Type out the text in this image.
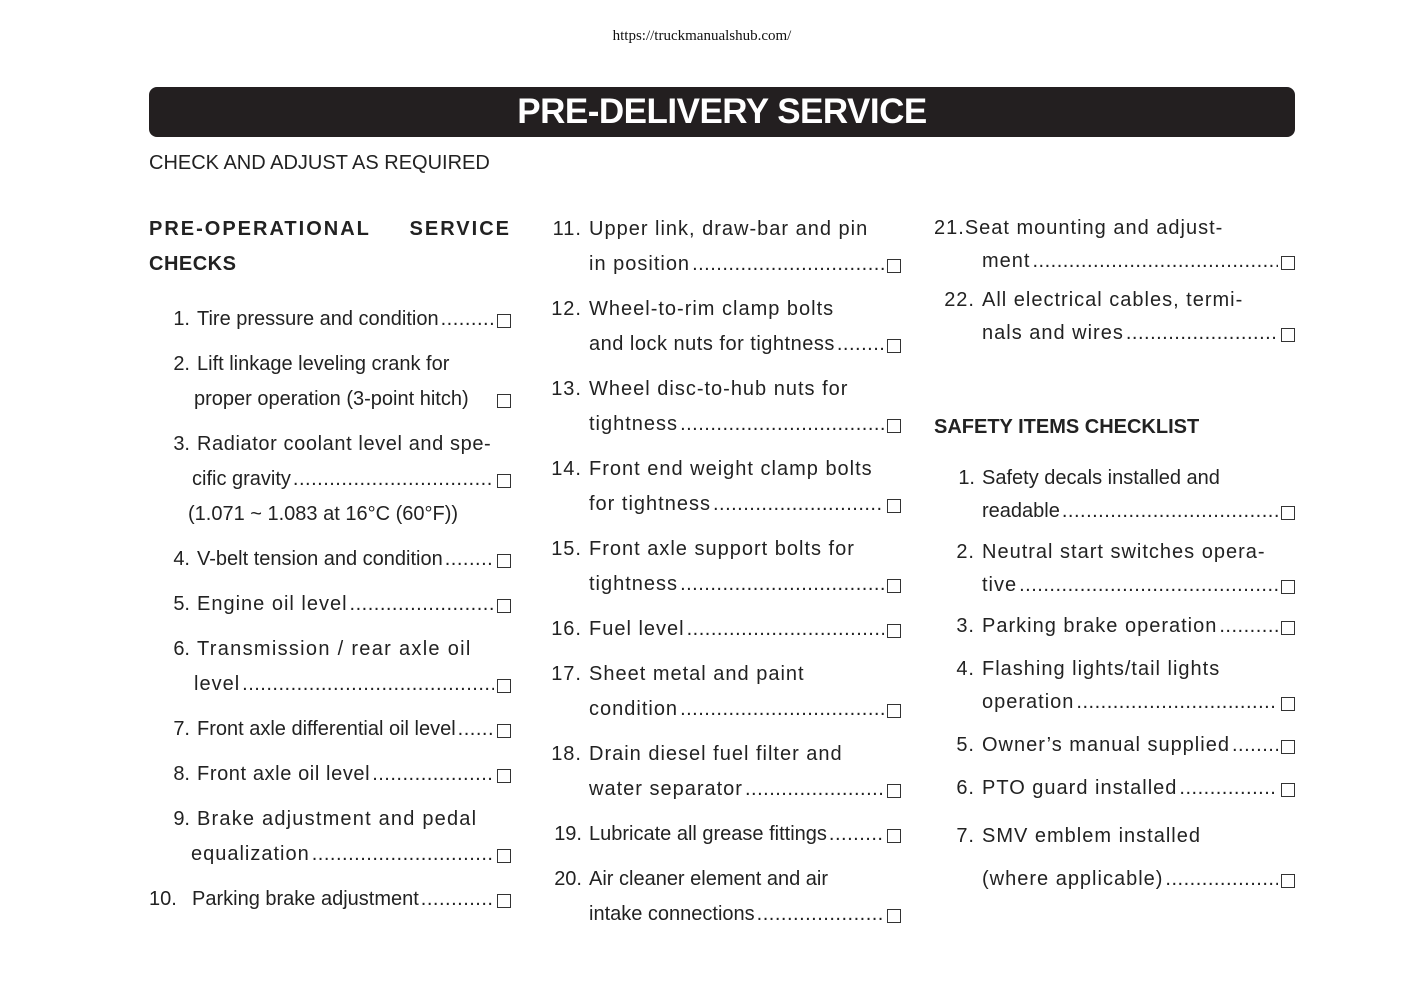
https://truckmanualshub.com/
PRE-DELIVERY SERVICE
CHECK AND ADJUST AS REQUIRED
PRE-OPERATIONAL SERVICE
CHECKS
1. Tire pressure and condition
.....
2. Lift linkage leveling crank for
proper operation (3-point hitch)
3. Radiator coolant level and spe-
cific gravity
.....
(1.071 ~ 1.083 at 16°C (60°F))
4. V-belt tension and condition
.....
5. Engine oil level
.....
6. Transmission / rear axle oil
level
.....
7. Front axle differential oil level
.....
8. Front axle oil level
.....
9. Brake adjustment and pedal
equalization
.....
10. Parking brake adjustment
.....
11. Upper link, draw-bar and pin
in position
.....
12. Wheel-to-rim clamp bolts
and lock nuts for tightness
.....
13. Wheel disc-to-hub nuts for
tightness
.....
14. Front end weight clamp bolts
for tightness
.....
15. Front axle support bolts for
tightness
.....
16. Fuel level
.....
17. Sheet metal and paint
condition
.....
18. Drain diesel fuel filter and
water separator
.....
19. Lubricate all grease fittings
.....
20. Air cleaner element and air
intake connections
.....
21. Seat mounting and adjust-
ment
.....
22. All electrical cables, termi-
nals and wires
.....
SAFETY ITEMS CHECKLIST
1. Safety decals installed and
readable
.....
2. Neutral start switches opera-
tive
.....
3. Parking brake operation
.....
4. Flashing lights/tail lights
operation
.....
5. Owner’s manual supplied
.....
6. PTO guard installed
.....
7. SMV emblem installed
(where applicable)
.....
